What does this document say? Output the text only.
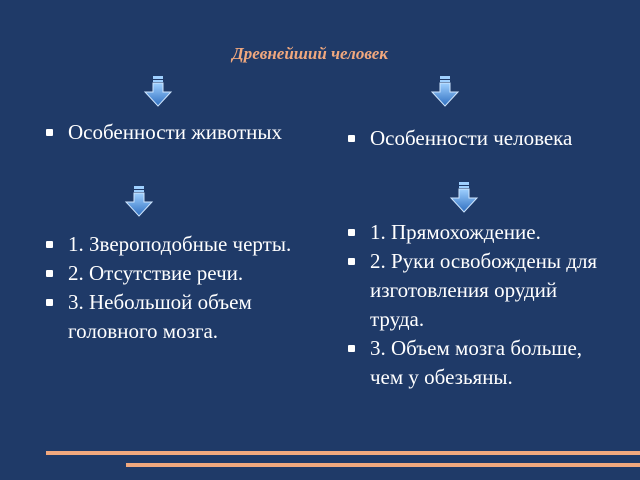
Древнейший человек
Особенности животных
1. Звероподобные черты.
2. Отсутствие речи.
3. Небольшой объем головного мозга.
Особенности человека
1. Прямохождение.
2. Руки освобождены для изготовления орудий труда.
3. Объем мозга больше, чем у обезьяны.
